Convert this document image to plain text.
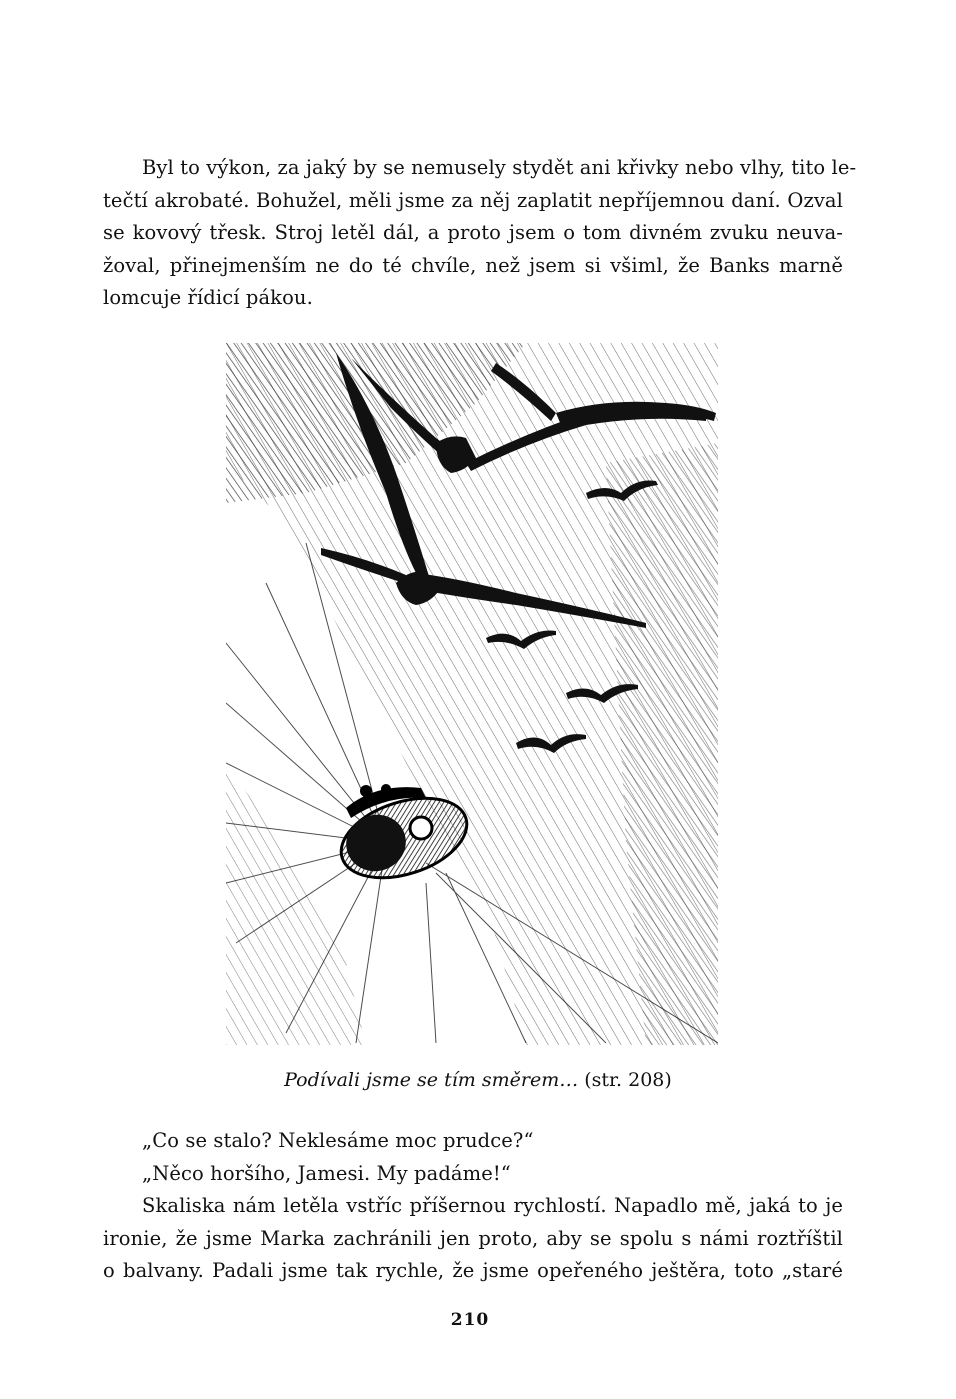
Byl to výkon, za jaký by se nemusely stydět ani křivky nebo vlhy, tito le-
tečtí akrobaté. Bohužel, měli jsme za něj zaplatit nepříjemnou daní. Ozval
se kovový třesk. Stroj letěl dál, a proto jsem o tom divném zvuku neuva-
žoval, přinejmenším ne do té chvíle, než jsem si všiml, že Banks marně
lomcuje řídicí pákou.
Podívali jsme se tím směrem… (str. 208)
„Co se stalo? Neklesáme moc prudce?“
„Něco horšího, Jamesi. My padáme!“
Skaliska nám letěla vstříc příšernou rychlostí. Napadlo mě, jaká to je
ironie, že jsme Marka zachránili jen proto, aby se spolu s námi roztříštil
o balvany. Padali jsme tak rychle, že jsme opeřeného ještěra, toto „staré
210
